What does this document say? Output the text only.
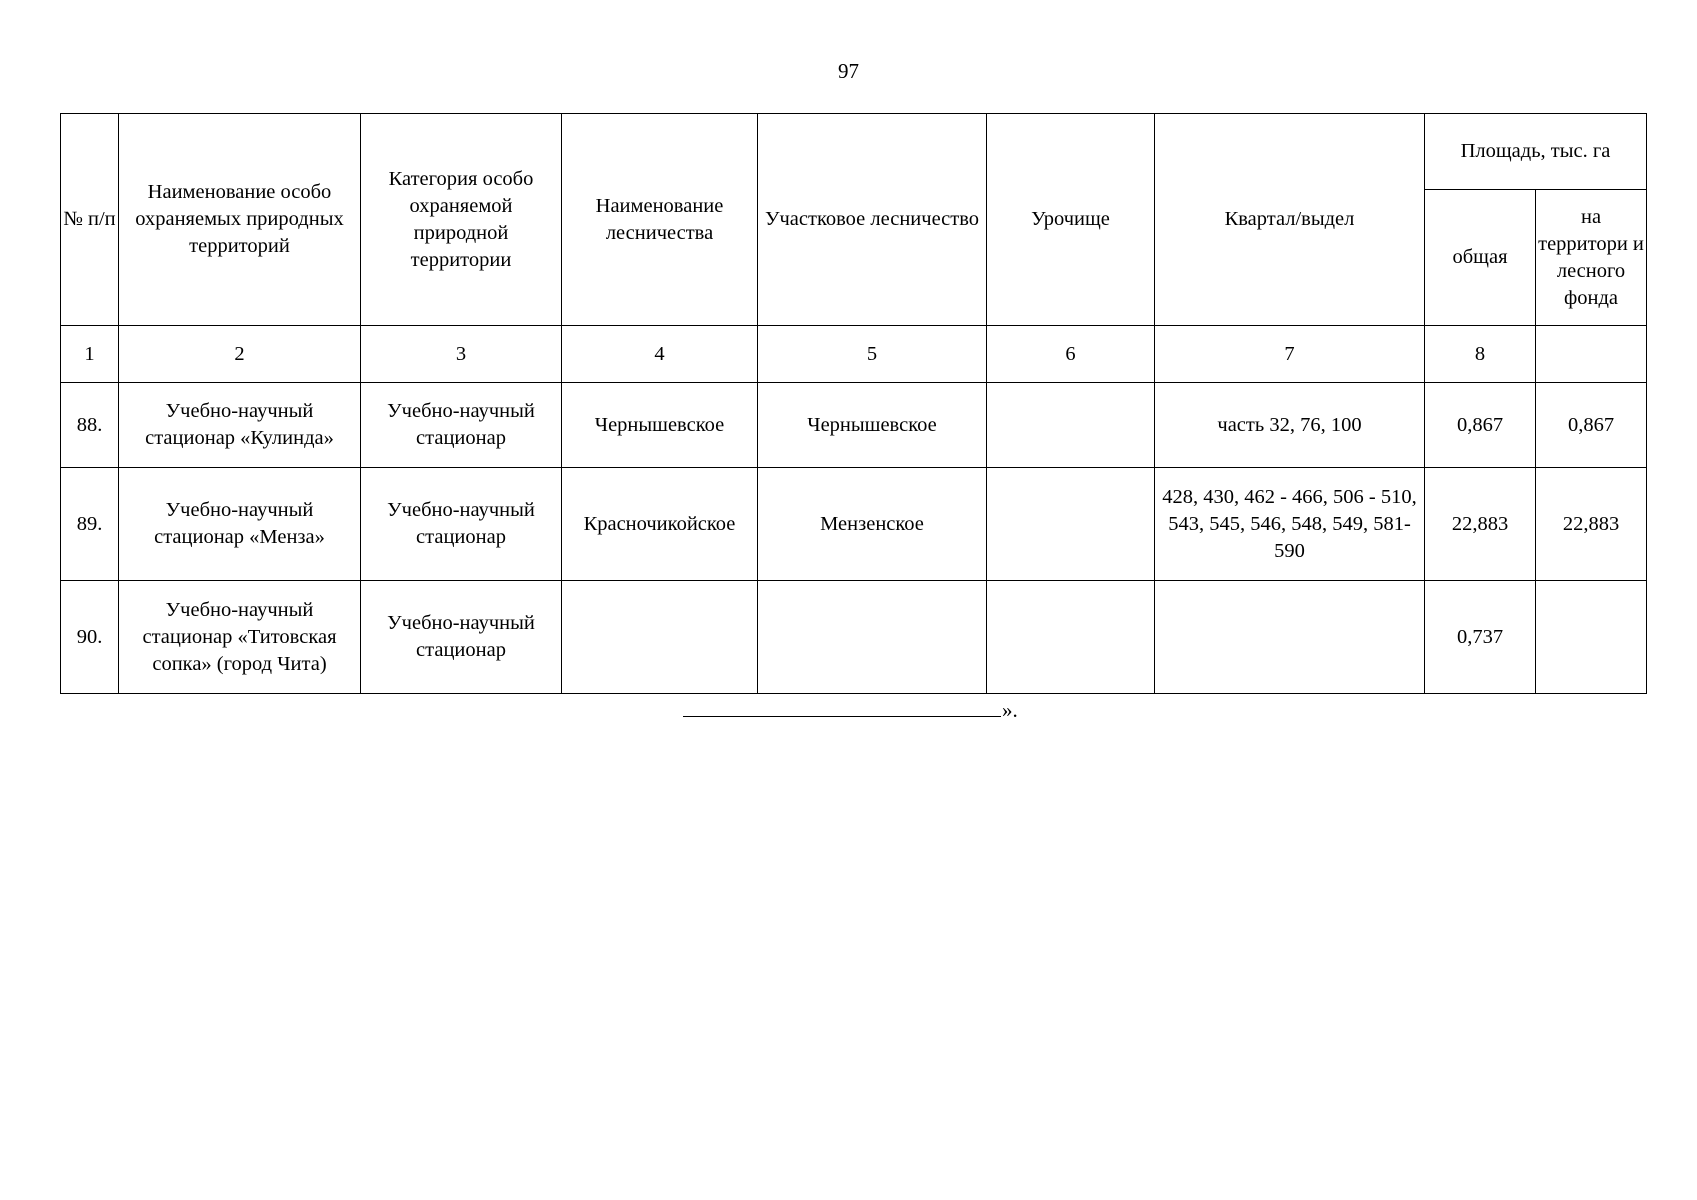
97
№ п/п	Наименование особо охраняемых природных территорий	Категория особо охраняемой природной территории	Наименование лесничества	Участковое лесничество	Урочище	Квартал/выдел	Площадь, тыс. га	
							общая	на территори и лесного фонда
1	2	3	4	5	6	7	8	
88.	Учебно-научный стационар «Кулинда»	Учебно-научный стационар	Чернышевское	Чернышевское		часть 32, 76, 100	0,867	0,867
89.	Учебно-научный стационар «Менза»	Учебно-научный стационар	Красночикойское	Мензенское		428, 430, 462 - 466, 506 - 510, 543, 545, 546, 548, 549, 581-590	22,883	22,883
90.	Учебно-научный стационар «Титовская сопка» (город Чита)	Учебно-научный стационар					0,737	
».
